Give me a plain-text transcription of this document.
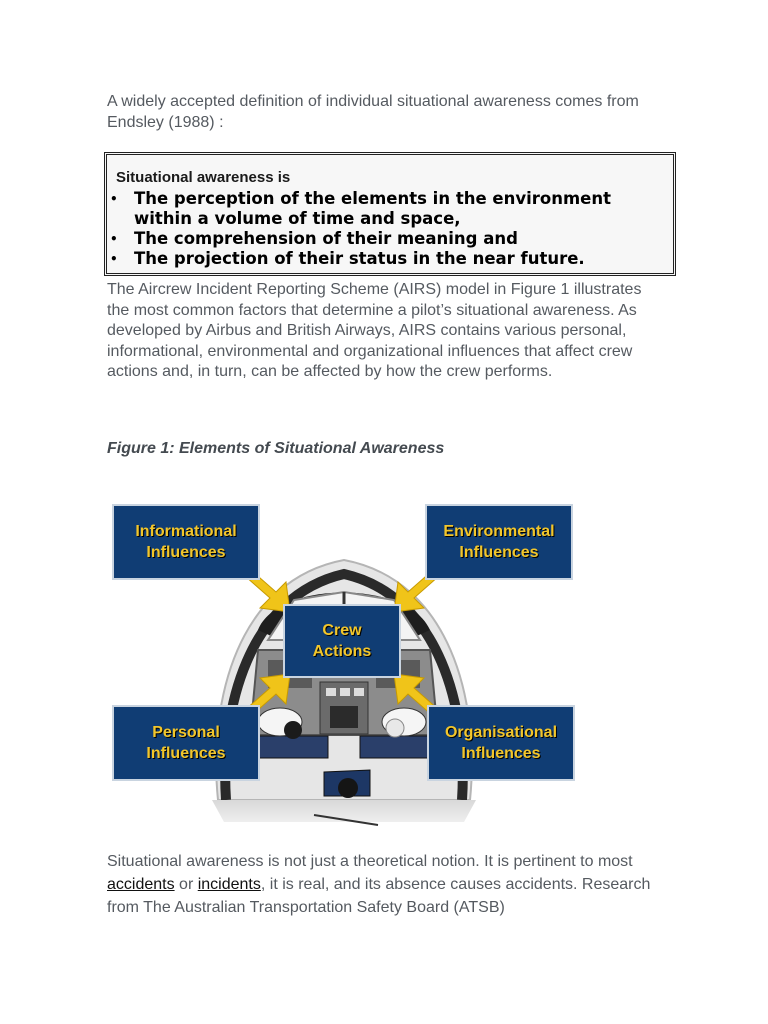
A widely accepted definition of individual situational awareness comes from Endsley (1988) :

Situational awareness is
• The perception of the elements in the environment within a volume of time and space,
• The comprehension of their meaning and
• The projection of their status in the near future.

The Aircrew Incident Reporting Scheme (AIRS) model in Figure 1 illustrates the most common factors that determine a pilot’s situational awareness. As developed by Airbus and British Airways, AIRS contains various personal, informational, environmental and organizational influences that affect crew actions and, in turn, can be affected by how the crew performs.

Figure 1: Elements of Situational Awareness
Informational
Influences
Environmental
Influences
Crew
Actions
Personal
Influences
Organisational
Influences

Situational awareness is not just a theoretical notion. It is pertinent to most accidents or incidents, it is real, and its absence causes accidents. Research from The Australian Transportation Safety Board (ATSB)
